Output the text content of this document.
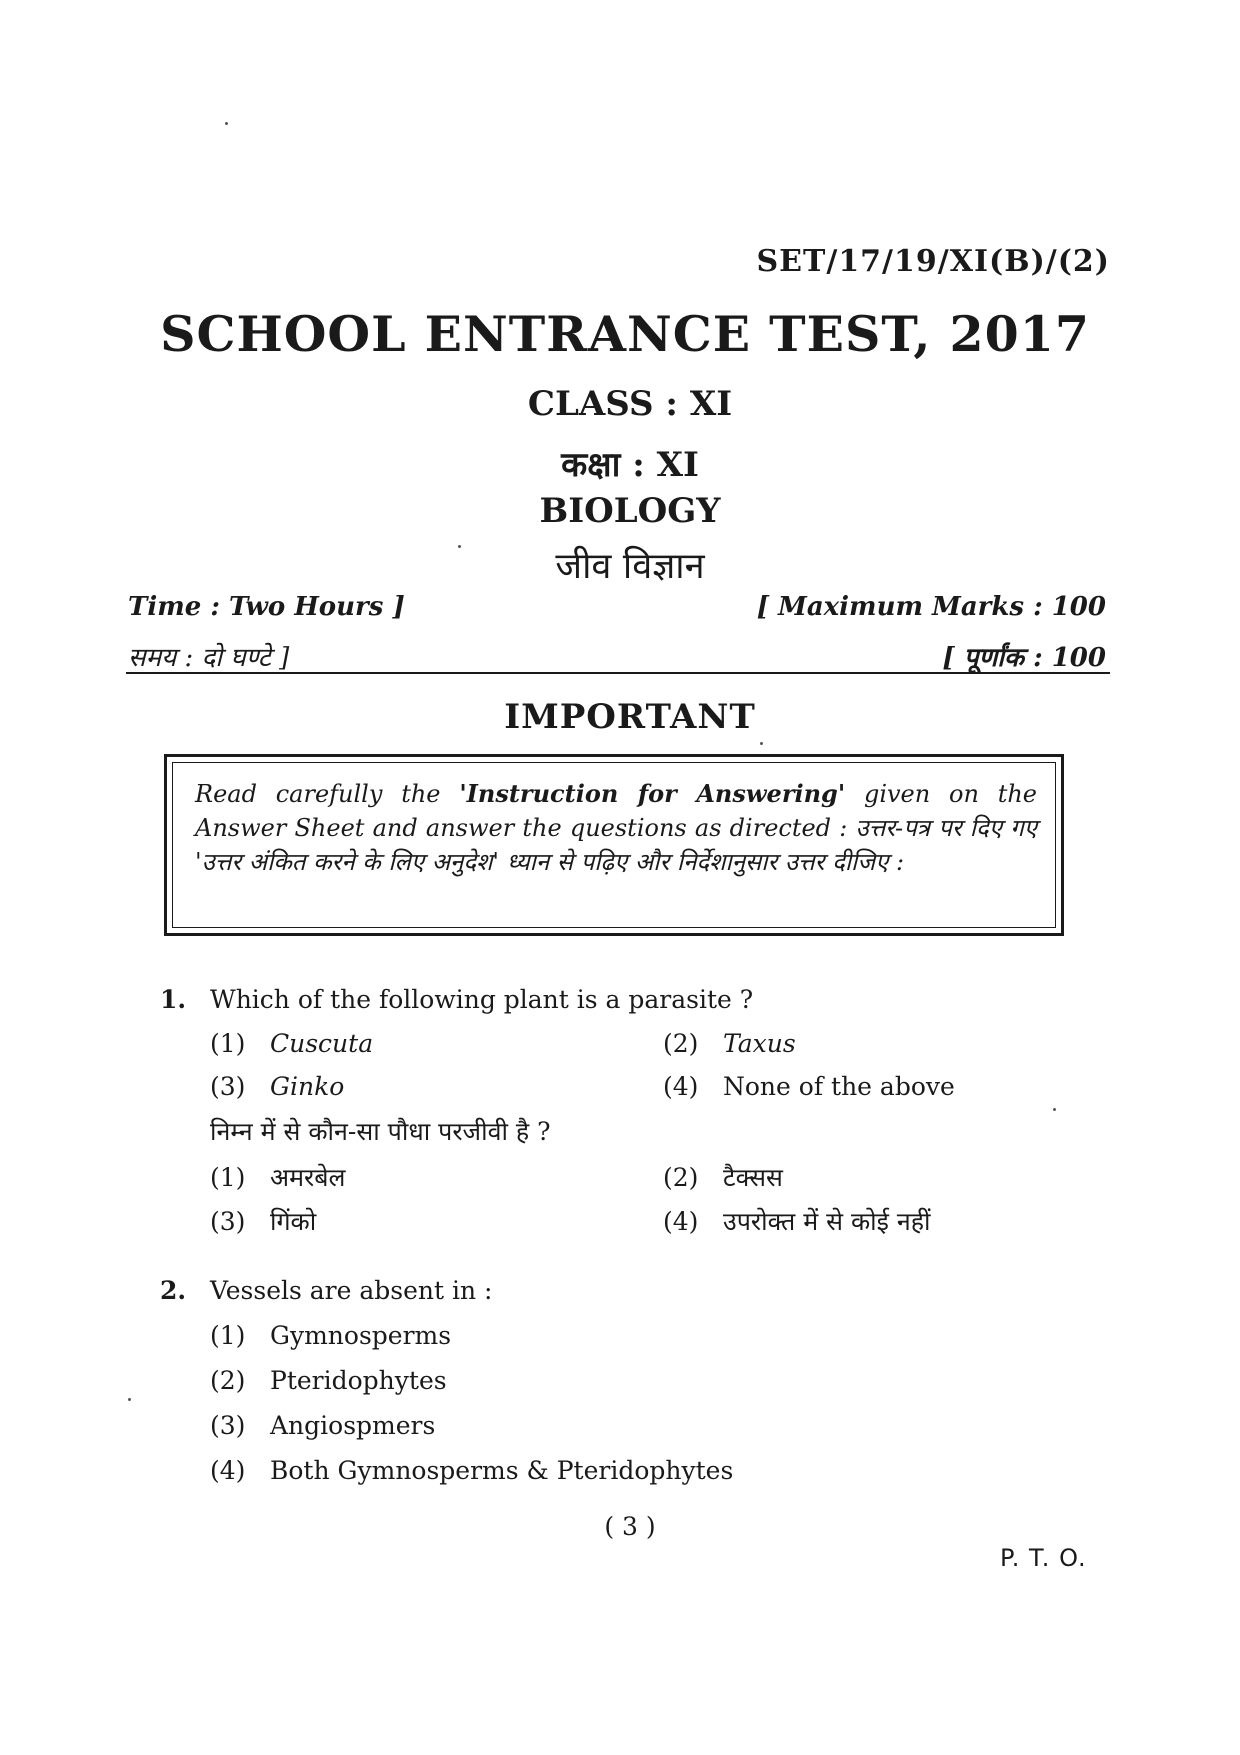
SET/17/19/XI(B)/(2)
SCHOOL ENTRANCE TEST, 2017
CLASS : XI
कक्षा : XI
BIOLOGY
जीव विज्ञान
Time : Two Hours ]	[ Maximum Marks : 100
समय : दो घण्टे ]	[ पूर्णांक : 100
IMPORTANT
Read carefully the 'Instruction for Answering' given on the Answer Sheet and answer the questions as directed : उत्तर-पत्र पर दिए गए 'उत्तर अंकित करने के लिए अनुदेश' ध्यान से पढ़िए और निर्देशानुसार उत्तर दीजिए :
1. Which of the following plant is a parasite ?
(1) Cuscuta	(2) Taxus
(3) Ginko	(4) None of the above
निम्न में से कौन-सा पौधा परजीवी है ?
(1) अमरबेल	(2) टैक्सस
(3) गिंको	(4) उपरोक्त में से कोई नहीं
2. Vessels are absent in :
(1) Gymnosperms
(2) Pteridophytes
(3) Angiospmers
(4) Both Gymnosperms & Pteridophytes
( 3 )
P. T. O.
